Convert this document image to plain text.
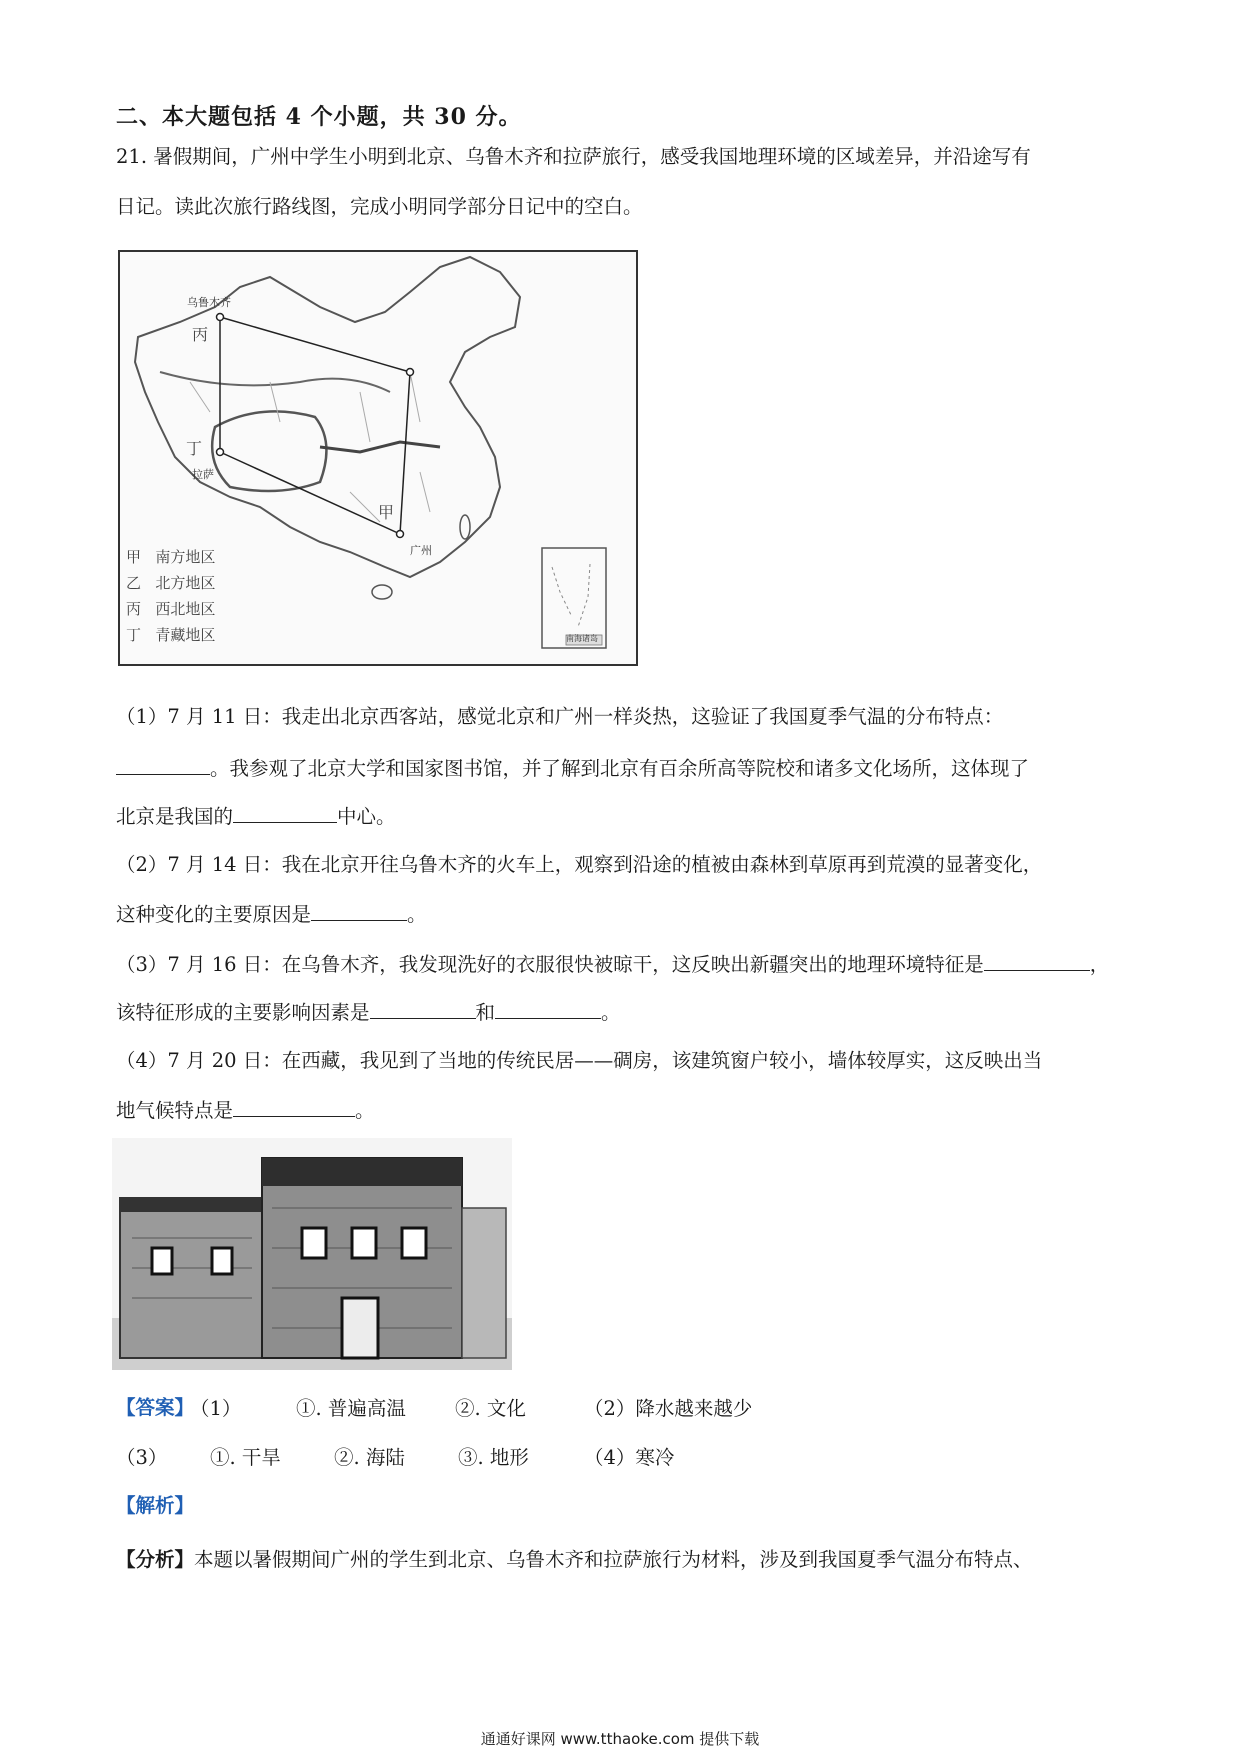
二、本大题包括 4 个小题，共 30 分。
21. 暑假期间，广州中学生小明到北京、乌鲁木齐和拉萨旅行，感受我国地理环境的区域差异，并沿途写有
日记。读此次旅行路线图，完成小明同学部分日记中的空白。
乌鲁木齐
拉萨
广州
丙
丁
甲
南海诸岛
甲 南方地区
乙 北方地区
丙 西北地区
丁 青藏地区
（1）7 月 11 日：我走出北京西客站，感觉北京和广州一样炎热，这验证了我国夏季气温的分布特点：
。我参观了北京大学和国家图书馆，并了解到北京有百余所高等院校和诸多文化场所，这体现了
北京是我国的	中心。
（2）7 月 14 日：我在北京开往乌鲁木齐的火车上，观察到沿途的植被由森林到草原再到荒漠的显著变化，
这种变化的主要原因是	。
（3）7 月 16 日：在乌鲁木齐，我发现洗好的衣服很快被晾干，这反映出新疆突出的地理环境特征是	，
该特征形成的主要影响因素是	和	。
（4）7 月 20 日：在西藏，我见到了当地的传统民居——碉房，该建筑窗户较小，墙体较厚实，这反映出当
地气候特点是	。
【答案】
（1）	①. 普遍高温	②. 文化	（2）降水越来越少
（3） ①. 干旱	②. 海陆	③. 地形	（4）寒冷
【解析】
【分析】本题以暑假期间广州的学生到北京、乌鲁木齐和拉萨旅行为材料，涉及到我国夏季气温分布特点、
通通好课网 www.tthaoke.com 提供下载
